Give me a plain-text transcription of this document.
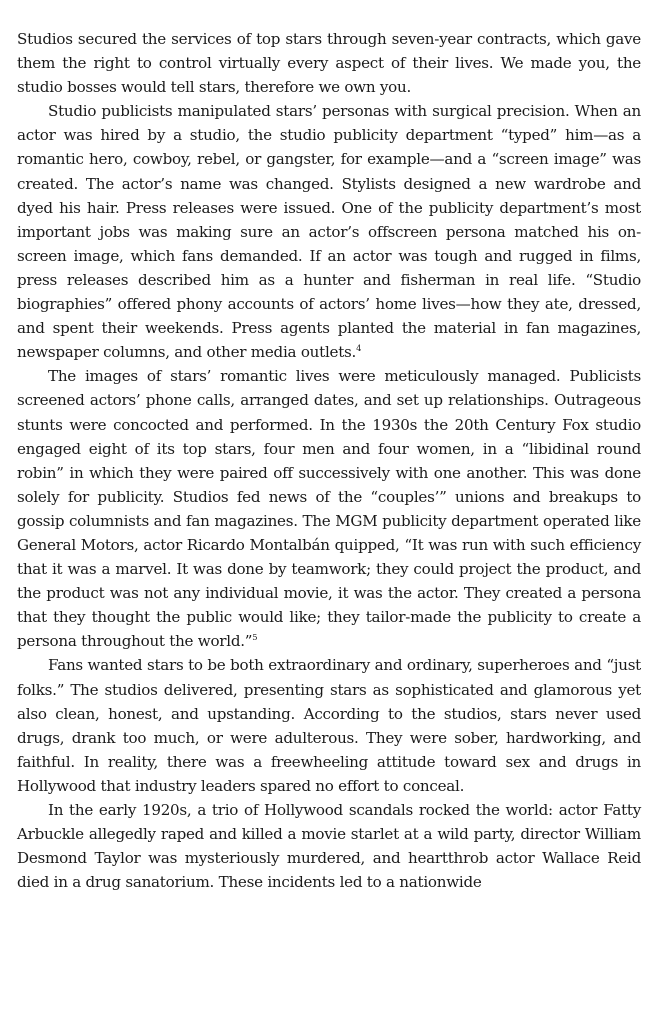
Studios secured the services of top stars through seven-year contracts, which gave them the right to control virtually every aspect of their lives. We made you, the studio bosses would tell stars, therefore we own you.

Studio publicists manipulated stars’ personas with surgical precision. When an actor was hired by a studio, the studio publicity department “typed” him—as a romantic hero, cowboy, rebel, or gangster, for example—and a “screen image” was created. The actor’s name was changed. Stylists designed a new wardrobe and dyed his hair. Press releases were issued. One of the publicity department’s most important jobs was making sure an actor’s offscreen persona matched his on-screen image, which fans demanded. If an actor was tough and rugged in films, press releases described him as a hunter and fisherman in real life. “Studio biographies” offered phony accounts of actors’ home lives—how they ate, dressed, and spent their weekends. Press agents planted the material in fan magazines, newspaper columns, and other media outlets.$^4$

The images of stars’ romantic lives were meticulously managed. Publicists screened actors’ phone calls, arranged dates, and set up relationships. Outrageous stunts were concocted and performed. In the 1930s the 20th Century Fox studio engaged eight of its top stars, four men and four women, in a “libidinal round robin” in which they were paired off successively with one another. This was done solely for publicity. Studios fed news of the “couples’” unions and breakups to gossip columnists and fan magazines. The MGM publicity department operated like General Motors, actor Ricardo Montalbán quipped, “It was run with such efficiency that it was a marvel. It was done by teamwork; they could project the product, and the product was not any individual movie, it was the actor. They created a persona that they thought the public would like; they tailor-made the publicity to create a persona throughout the world.”$^5$

Fans wanted stars to be both extraordinary and ordinary, superheroes and “just folks.” The studios delivered, presenting stars as sophisticated and glamorous yet also clean, honest, and upstanding. According to the studios, stars never used drugs, drank too much, or were adulterous. They were sober, hardworking, and faithful. In reality, there was a freewheeling attitude toward sex and drugs in Hollywood that industry leaders spared no effort to conceal.

In the early 1920s, a trio of Hollywood scandals rocked the world: actor Fatty Arbuckle allegedly raped and killed a movie starlet at a wild party, director William Desmond Taylor was mysteriously murdered, and heartthrob actor Wallace Reid died in a drug sanatorium. These incidents led to a nationwide
